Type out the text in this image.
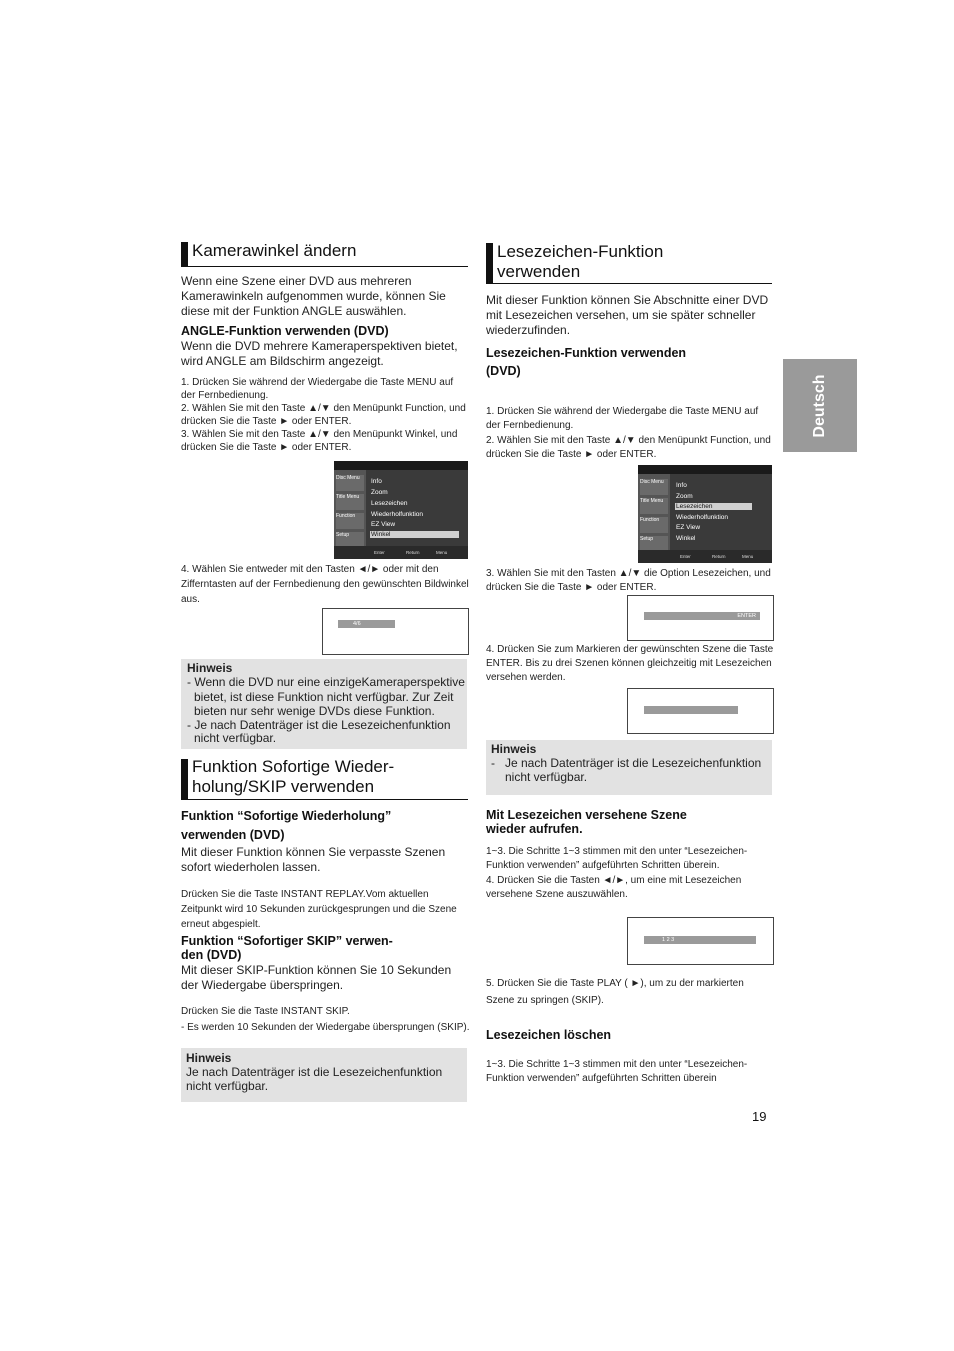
Deutsch
Kamerawinkel ändern
Wenn eine Szene einer DVD aus mehreren Kamerawinkeln aufgenommen wurde, können Sie diese mit der Funktion ANGLE auswählen.
ANGLE-Funktion verwenden (DVD)
Wenn die DVD mehrere Kameraperspektiven bietet, wird ANGLE am Bildschirm angezeigt.
1. Drücken Sie während der Wiedergabe die Taste MENU auf der Fernbedienung.
2. Wählen Sie mit den Taste ▲/▼ den Menüpunkt Function, und drücken Sie die Taste ► oder ENTER.
3. Wählen Sie mit den Taste ▲/▼ den Menüpunkt Winkel, und drücken Sie die Taste ► oder ENTER.
Disc Menu
Title Menu
Function
Setup
Info
Zoom
Lesezeichen
Wiederholfunktion
EZ View
Winkel
Enter	Return	Menu
4. Wählen Sie entweder mit den Tasten ◄/► oder mit den Zifferntasten auf der Fernbedienung den gewünschten Bildwinkel aus.
4/6
Hinweis
- Wenn die DVD nur eine einzigeKameraperspektive
bietet, ist diese Funktion nicht verfügbar. Zur Zeit
bieten nur sehr wenige DVDs diese Funktion.
- Je nach Datenträger ist die Lesezeichenfunktion
nicht verfügbar.
Funktion Sofortige Wieder-
holung/SKIP verwenden
Funktion “Sofortige Wiederholung”
verwenden (DVD)
Mit dieser Funktion können Sie verpasste Szenen sofort wiederholen lassen.
Drücken Sie die Taste INSTANT REPLAY.Vom aktuellen Zeitpunkt wird 10 Sekunden zurückgesprungen und die Szene erneut abgespielt.
Funktion “Sofortiger SKIP” verwen-
den (DVD)
Mit dieser SKIP-Funktion können Sie 10 Sekunden der Wiedergabe überspringen.
Drücken Sie die Taste INSTANT SKIP.
- Es werden 10 Sekunden der Wiedergabe übersprungen (SKIP).
Hinweis
Je nach Datenträger ist die Lesezeichenfunktion nicht verfügbar.
Lesezeichen-Funktion
verwenden
Mit dieser Funktion können Sie Abschnitte einer DVD mit Lesezeichen versehen, um sie später schneller wiederzufinden.
Lesezeichen-Funktion verwenden
(DVD)
1. Drücken Sie während der Wiedergabe die Taste MENU auf der Fernbedienung.
2. Wählen Sie mit den Taste ▲/▼ den Menüpunkt Function, und drücken Sie die Taste ► oder ENTER.
Disc Menu
Title Menu
Function
Setup
Info
Zoom
Lesezeichen
Wiederholfunktion
EZ View
Winkel
Enter	Return	Menu
3. Wählen Sie mit den Tasten ▲/▼ die Option Lesezeichen, und drücken Sie die Taste ► oder ENTER.
ENTER
4. Drücken Sie zum Markieren der gewünschten Szene die Taste ENTER. Bis zu drei Szenen können gleichzeitig mit Lesezeichen versehen werden.
Hinweis
- Je nach Datenträger ist die Lesezeichenfunktion nicht verfügbar.
Mit Lesezeichen versehene Szene
wieder aufrufen.
1~3. Die Schritte 1~3 stimmen mit den unter “Lesezeichen-Funktion verwenden” aufgeführten Schritten überein.
4. Drücken Sie die Tasten ◄/►, um eine mit Lesezeichen versehene Szene auszuwählen.
1 2 3
5. Drücken Sie die Taste PLAY ( ►), um zu der markierten Szene zu springen (SKIP).
Lesezeichen löschen
1~3. Die Schritte 1~3 stimmen mit den unter “Lesezeichen-Funktion verwenden” aufgeführten Schritten überein
19
